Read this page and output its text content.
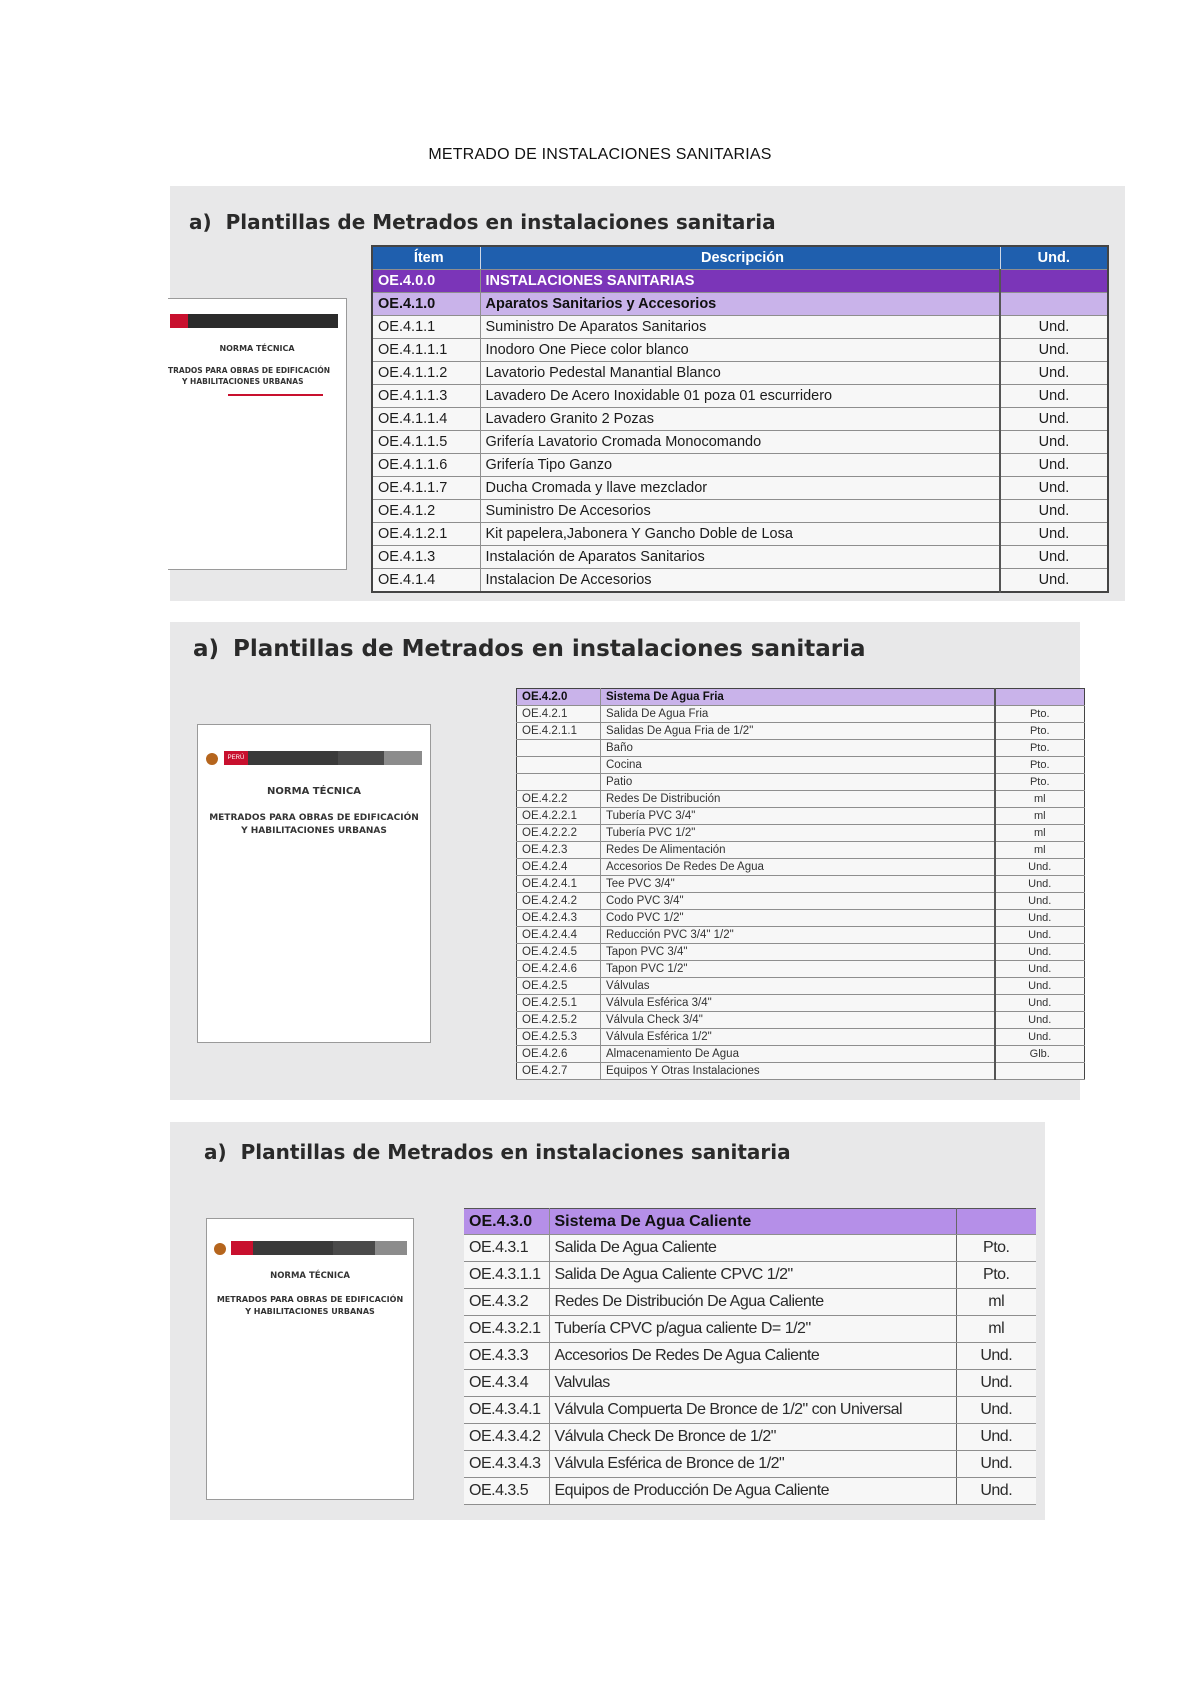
METRADO DE INSTALACIONES SANITARIAS
a) Plantillas de Metrados en instalaciones sanitaria
NORMA TÉCNICA
TRADOS PARA OBRAS DE EDIFICACIÓN
Y HABILITACIONES URBANAS
Ítem	Descripción	Und.
OE.4.0.0	INSTALACIONES SANITARIAS	
OE.4.1.0	Aparatos Sanitarios y Accesorios	
OE.4.1.1	Suministro De Aparatos Sanitarios	Und.
OE.4.1.1.1	Inodoro One Piece color blanco	Und.
OE.4.1.1.2	Lavatorio Pedestal Manantial Blanco	Und.
OE.4.1.1.3	Lavadero De Acero Inoxidable 01 poza 01 escurridero	Und.
OE.4.1.1.4	Lavadero Granito 2 Pozas	Und.
OE.4.1.1.5	Grifería Lavatorio Cromada Monocomando	Und.
OE.4.1.1.6	Grifería Tipo Ganzo	Und.
OE.4.1.1.7	Ducha Cromada y llave mezclador	Und.
OE.4.1.2	Suministro De Accesorios	Und.
OE.4.1.2.1	Kit papelera,Jabonera Y Gancho Doble de Losa	Und.
OE.4.1.3	Instalación de Aparatos Sanitarios	Und.
OE.4.1.4	Instalacion De Accesorios	Und.
a) Plantillas de Metrados en instalaciones sanitaria
PERÚ
NORMA TÉCNICA
METRADOS PARA OBRAS DE EDIFICACIÓN
Y HABILITACIONES URBANAS
OE.4.2.0	Sistema De Agua Fria	
OE.4.2.1	Salida De Agua Fria	Pto.
OE.4.2.1.1	Salidas De Agua Fria de 1/2"	Pto.
	Baño	Pto.
	Cocina	Pto.
	Patio	Pto.
OE.4.2.2	Redes De Distribución	ml
OE.4.2.2.1	Tubería PVC 3/4"	ml
OE.4.2.2.2	Tubería PVC 1/2"	ml
OE.4.2.3	Redes De Alimentación	ml
OE.4.2.4	Accesorios De Redes De Agua	Und.
OE.4.2.4.1	Tee PVC 3/4"	Und.
OE.4.2.4.2	Codo PVC 3/4"	Und.
OE.4.2.4.3	Codo PVC 1/2"	Und.
OE.4.2.4.4	Reducción PVC 3/4" 1/2"	Und.
OE.4.2.4.5	Tapon PVC 3/4"	Und.
OE.4.2.4.6	Tapon PVC 1/2"	Und.
OE.4.2.5	Válvulas	Und.
OE.4.2.5.1	Válvula Esférica 3/4"	Und.
OE.4.2.5.2	Válvula Check 3/4"	Und.
OE.4.2.5.3	Válvula Esférica 1/2"	Und.
OE.4.2.6	Almacenamiento De Agua	Glb.
OE.4.2.7	Equipos Y Otras Instalaciones	
a) Plantillas de Metrados en instalaciones sanitaria
NORMA TÉCNICA
METRADOS PARA OBRAS DE EDIFICACIÓN
Y HABILITACIONES URBANAS
OE.4.3.0	Sistema De Agua Caliente	
OE.4.3.1	Salida De Agua Caliente	Pto.
OE.4.3.1.1	Salida De Agua Caliente CPVC 1/2"	Pto.
OE.4.3.2	Redes De Distribución De Agua Caliente	ml
OE.4.3.2.1	Tubería CPVC p/agua caliente D= 1/2"	ml
OE.4.3.3	Accesorios De Redes De Agua Caliente	Und.
OE.4.3.4	Valvulas	Und.
OE.4.3.4.1	Válvula Compuerta De Bronce de 1/2" con Universal	Und.
OE.4.3.4.2	Válvula Check De Bronce de 1/2"	Und.
OE.4.3.4.3	Válvula Esférica de Bronce de 1/2"	Und.
OE.4.3.5	Equipos de Producción De Agua Caliente	Und.
